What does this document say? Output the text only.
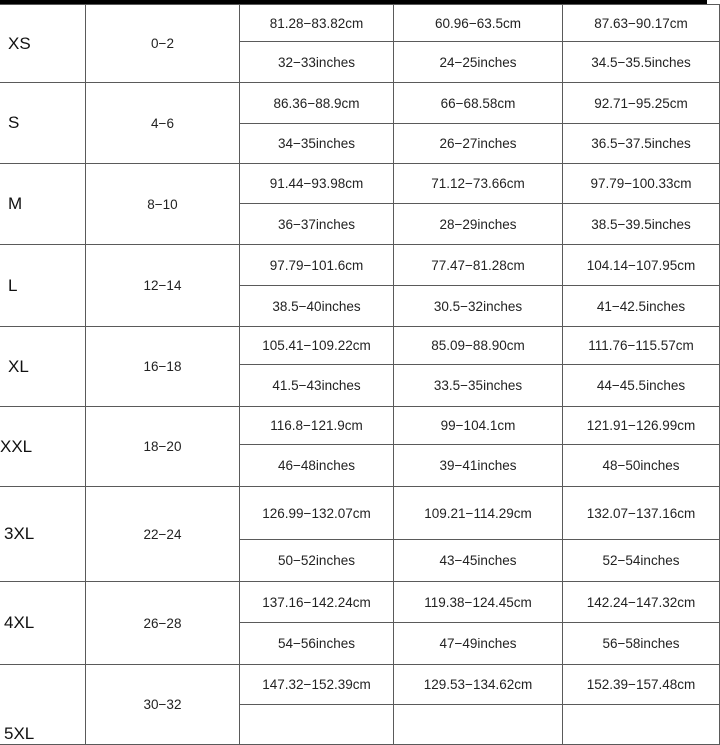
XS	0−2	81.28−83.82cm	60.96−63.5cm	87.63−90.17cm
		32−33inches	24−25inches	34.5−35.5inches
S	4−6	86.36−88.9cm	66−68.58cm	92.71−95.25cm
		34−35inches	26−27inches	36.5−37.5inches
M	8−10	91.44−93.98cm	71.12−73.66cm	97.79−100.33cm
		36−37inches	28−29inches	38.5−39.5inches
L	12−14	97.79−101.6cm	77.47−81.28cm	104.14−107.95cm
		38.5−40inches	30.5−32inches	41−42.5inches
XL	16−18	105.41−109.22cm	85.09−88.90cm	111.76−115.57cm
		41.5−43inches	33.5−35inches	44−45.5inches
XXL	18−20	116.8−121.9cm	99−104.1cm	121.91−126.99cm
		46−48inches	39−41inches	48−50inches
3XL	22−24	126.99−132.07cm	109.21−114.29cm	132.07−137.16cm
		50−52inches	43−45inches	52−54inches
4XL	26−28	137.16−142.24cm	119.38−124.45cm	142.24−147.32cm
		54−56inches	47−49inches	56−58inches
5XL	30−32	147.32−152.39cm	129.53−134.62cm	152.39−157.48cm
